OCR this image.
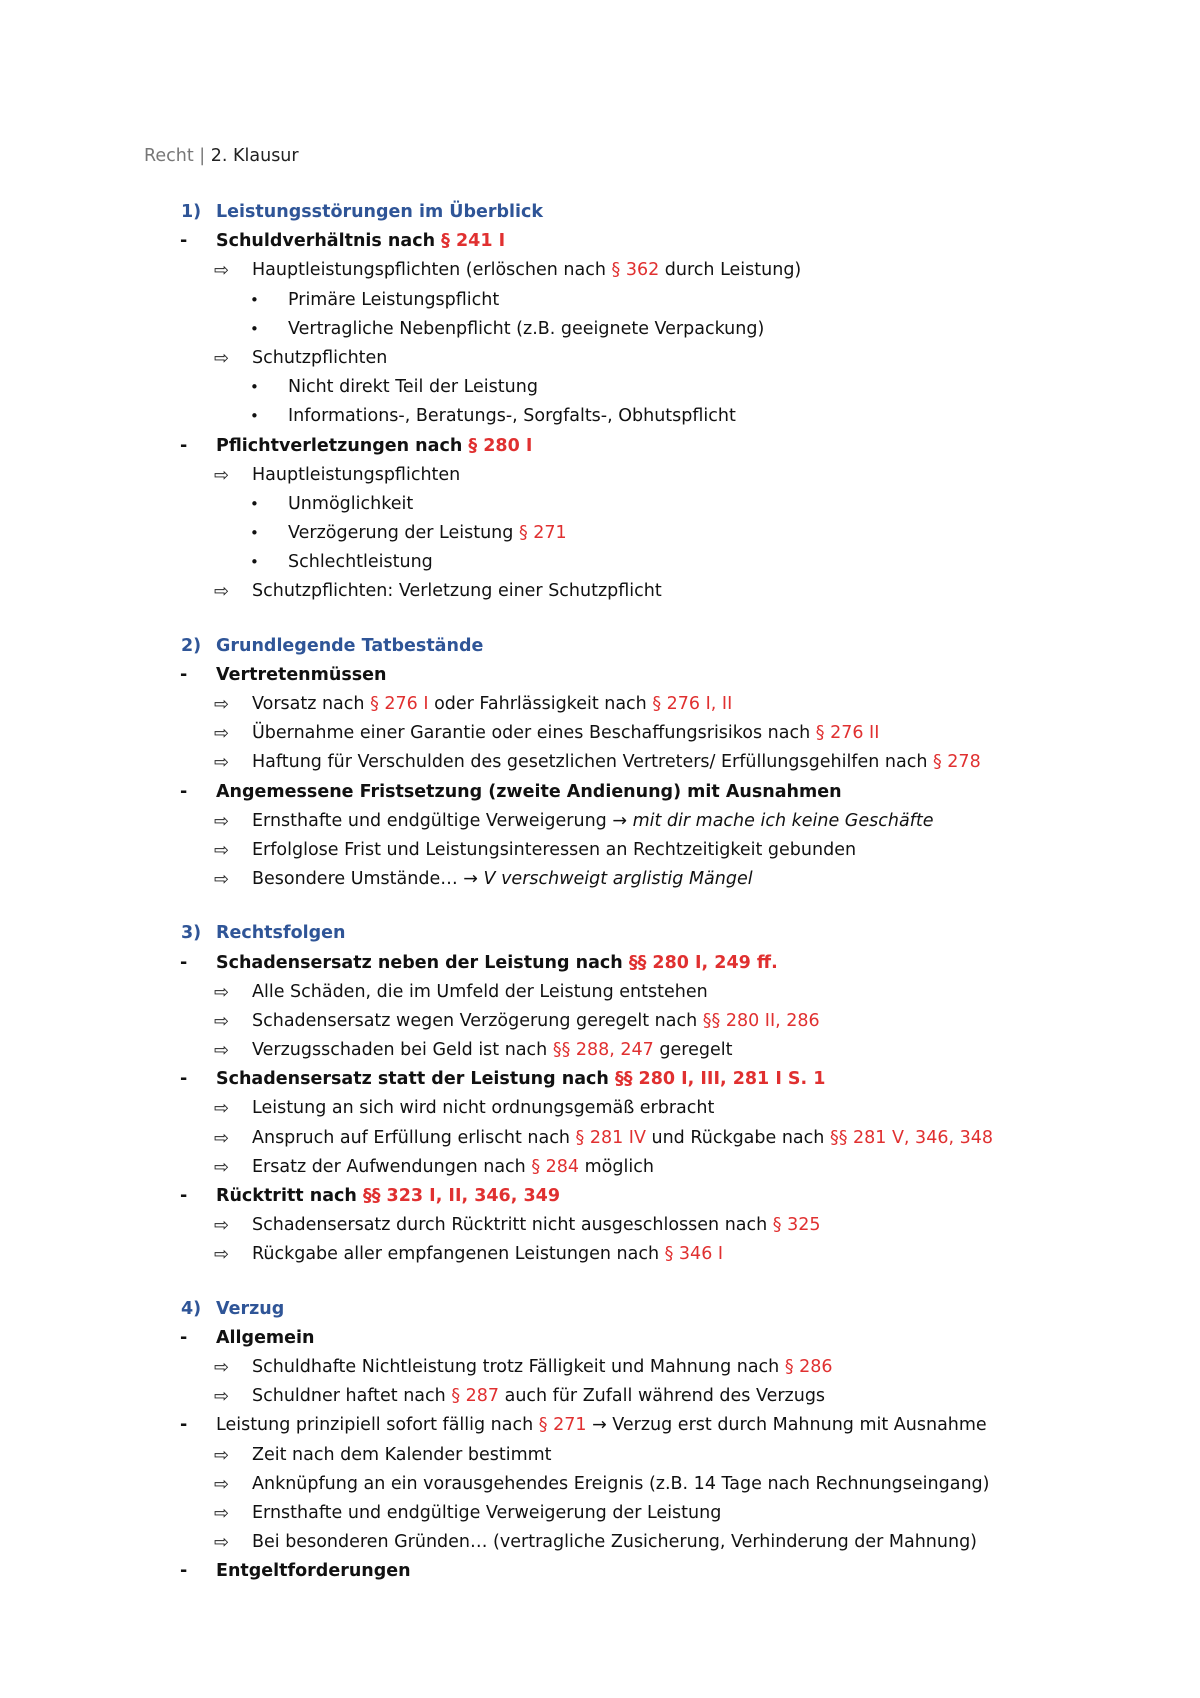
Recht | 2. Klausur
1) Leistungsstörungen im Überblick
- Schuldverhältnis nach § 241 I
⇨ Hauptleistungspflichten (erlöschen nach § 362 durch Leistung)
• Primäre Leistungspflicht
• Vertragliche Nebenpflicht (z.B. geeignete Verpackung)
⇨ Schutzpflichten
• Nicht direkt Teil der Leistung
• Informations-, Beratungs-, Sorgfalts-, Obhutspflicht
- Pflichtverletzungen nach § 280 I
⇨ Hauptleistungspflichten
• Unmöglichkeit
• Verzögerung der Leistung § 271
• Schlechtleistung
⇨ Schutzpflichten: Verletzung einer Schutzpflicht
2) Grundlegende Tatbestände
- Vertretenmüssen
⇨ Vorsatz nach § 276 I oder Fahrlässigkeit nach § 276 I, II
⇨ Übernahme einer Garantie oder eines Beschaffungsrisikos nach § 276 II
⇨ Haftung für Verschulden des gesetzlichen Vertreters/ Erfüllungsgehilfen nach § 278
- Angemessene Fristsetzung (zweite Andienung) mit Ausnahmen
⇨ Ernsthafte und endgültige Verweigerung → mit dir mache ich keine Geschäfte
⇨ Erfolglose Frist und Leistungsinteressen an Rechtzeitigkeit gebunden
⇨ Besondere Umstände… → V verschweigt arglistig Mängel
3) Rechtsfolgen
- Schadensersatz neben der Leistung nach §§ 280 I, 249 ff.
⇨ Alle Schäden, die im Umfeld der Leistung entstehen
⇨ Schadensersatz wegen Verzögerung geregelt nach §§ 280 II, 286
⇨ Verzugsschaden bei Geld ist nach §§ 288, 247 geregelt
- Schadensersatz statt der Leistung nach §§ 280 I, III, 281 I S. 1
⇨ Leistung an sich wird nicht ordnungsgemäß erbracht
⇨ Anspruch auf Erfüllung erlischt nach § 281 IV und Rückgabe nach §§ 281 V, 346, 348
⇨ Ersatz der Aufwendungen nach § 284 möglich
- Rücktritt nach §§ 323 I, II, 346, 349
⇨ Schadensersatz durch Rücktritt nicht ausgeschlossen nach § 325
⇨ Rückgabe aller empfangenen Leistungen nach § 346 I
4) Verzug
- Allgemein
⇨ Schuldhafte Nichtleistung trotz Fälligkeit und Mahnung nach § 286
⇨ Schuldner haftet nach § 287 auch für Zufall während des Verzugs
- Leistung prinzipiell sofort fällig nach § 271 → Verzug erst durch Mahnung mit Ausnahme
⇨ Zeit nach dem Kalender bestimmt
⇨ Anknüpfung an ein vorausgehendes Ereignis (z.B. 14 Tage nach Rechnungseingang)
⇨ Ernsthafte und endgültige Verweigerung der Leistung
⇨ Bei besonderen Gründen… (vertragliche Zusicherung, Verhinderung der Mahnung)
- Entgeltforderungen
